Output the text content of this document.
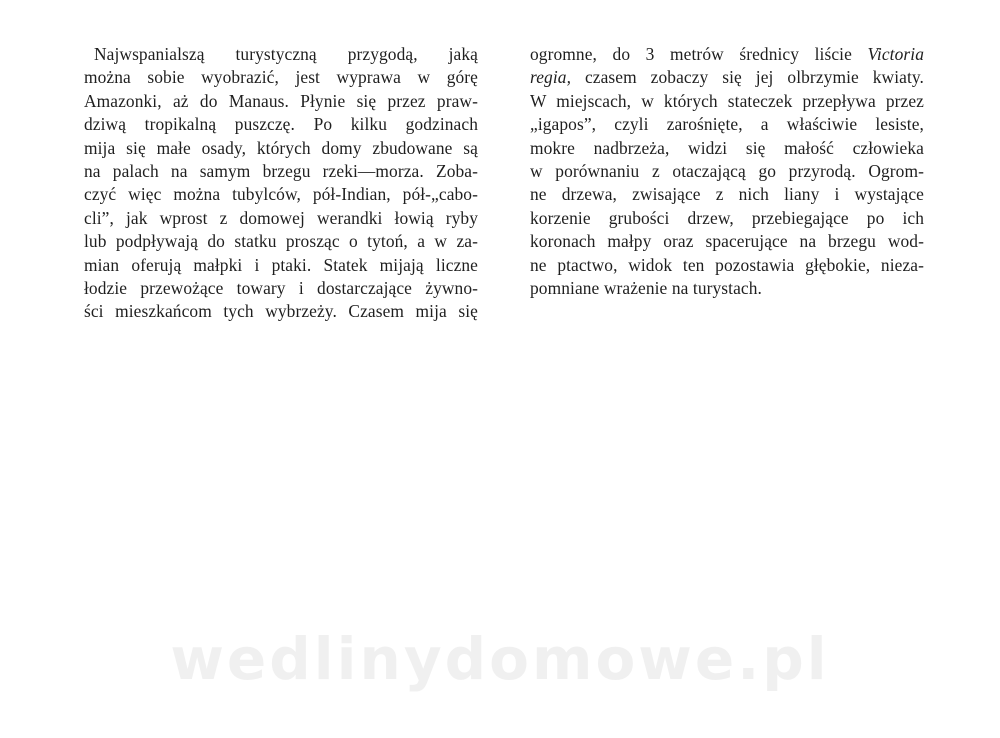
Najwspanialszą turystyczną przygodą, jaką
można sobie wyobrazić, jest wyprawa w górę
Amazonki, aż do Manaus. Płynie się przez praw-
dziwą tropikalną puszczę. Po kilku godzinach
mija się małe osady, których domy zbudowane są
na palach na samym brzegu rzeki—morza. Zoba-
czyć więc można tubylców, pół-Indian, pół-„cabo-
cli”, jak wprost z domowej werandki łowią ryby
lub podpływają do statku prosząc o tytoń, a w za-
mian oferują małpki i ptaki. Statek mijają liczne
łodzie przewożące towary i dostarczające żywno-
ści mieszkańcom tych wybrzeży. Czasem mija się
ogromne, do 3 metrów średnicy liście Victoria
regia, czasem zobaczy się jej olbrzymie kwiaty.
W miejscach, w których stateczek przepływa przez
„igapos”, czyli zarośnięte, a właściwie lesiste,
mokre nadbrzeża, widzi się małość człowieka
w porównaniu z otaczającą go przyrodą. Ogrom-
ne drzewa, zwisające z nich liany i wystające
korzenie grubości drzew, przebiegające po ich
koronach małpy oraz spacerujące na brzegu wod-
ne ptactwo, widok ten pozostawia głębokie, nieza-
pomniane wrażenie na turystach.
wedlinydomowe.pl
